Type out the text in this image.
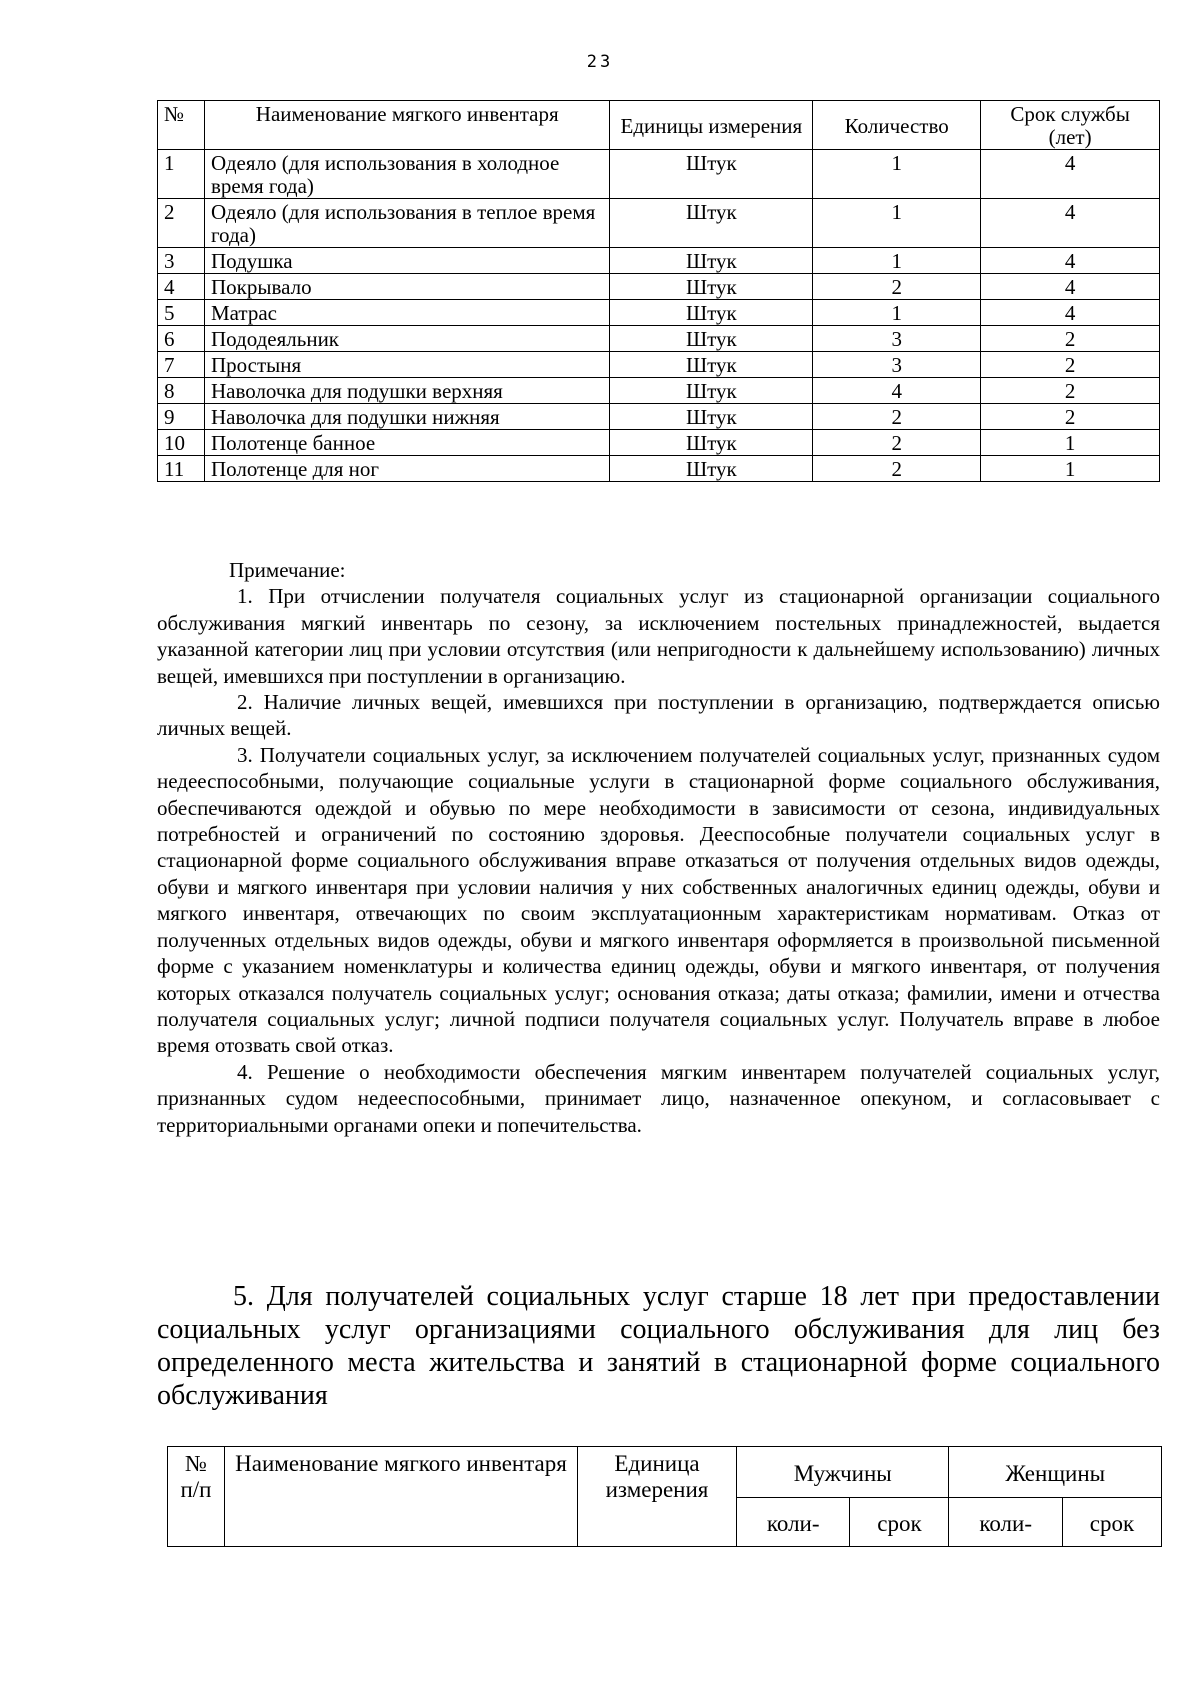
23
№	Наименование мягкого инвентаря	Единицы измерения	Количество	Срок службы (лет)
1	Одеяло (для использования в холодное время года)	Штук	1	4
2	Одеяло (для использования в теплое время года)	Штук	1	4
3	Подушка	Штук	1	4
4	Покрывало	Штук	2	4
5	Матрас	Штук	1	4
6	Пододеяльник	Штук	3	2
7	Простыня	Штук	3	2
8	Наволочка для подушки верхняя	Штук	4	2
9	Наволочка для подушки нижняя	Штук	2	2
10	Полотенце банное	Штук	2	1
11	Полотенце для ног	Штук	2	1

Примечание:

1. При отчислении получателя социальных услуг из стационарной организации социального обслуживания мягкий инвентарь по сезону, за исключением постельных принадлежностей, выдается указанной категории лиц при условии отсутствия (или непригодности к дальнейшему использованию) личных вещей, имевшихся при поступлении в организацию.

2. Наличие личных вещей, имевшихся при поступлении в организацию, подтверждается описью личных вещей.

3. Получатели социальных услуг, за исключением получателей социальных услуг, признанных судом недееспособными, получающие социальные услуги в стационарной форме социального обслуживания, обеспечиваются одеждой и обувью по мере необходимости в зависимости от сезона, индивидуальных потребностей и ограничений по состоянию здоровья. Дееспособные получатели социальных услуг в стационарной форме социального обслуживания вправе отказаться от получения отдельных видов одежды, обуви и мягкого инвентаря при условии наличия у них собственных аналогичных единиц одежды, обуви и мягкого инвентаря, отвечающих по своим эксплуатационным характеристикам нормативам. Отказ от полученных отдельных видов одежды, обуви и мягкого инвентаря оформляется в произвольной письменной форме с указанием номенклатуры и количества единиц одежды, обуви и мягкого инвентаря, от получения которых отказался получатель социальных услуг; основания отказа; даты отказа; фамилии, имени и отчества получателя социальных услуг; личной подписи получателя социальных услуг. Получатель вправе в любое время отозвать свой отказ.

4. Решение о необходимости обеспечения мягким инвентарем получателей социальных услуг, признанных судом недееспособными, принимает лицо, назначенное опекуном, и согласовывает с территориальными органами опеки и попечительства.

5. Для получателей социальных услуг старше 18 лет при предоставлении социальных услуг организациями социального обслуживания для лиц без определенного места жительства и занятий в стационарной форме социального обслуживания
№ п/п	Наименование мягкого инвентаря	Единица измерения	Мужчины		Женщины	
			коли-	срок	коли-	срок
